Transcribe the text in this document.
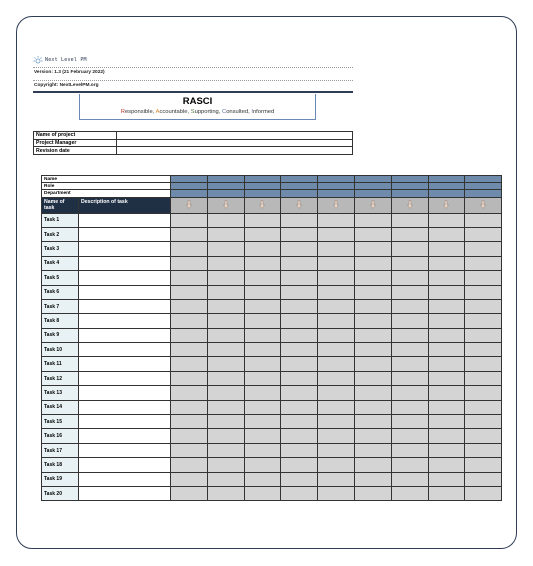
Next Level PM
Version: 1.3 (21 February 2022)
Copyright: NextLevelPM.org
RASCI
Responsible, Accountable, Supporting, Consulted, Informed
Name of project	
Project Manager	
Revision date	
Name										
Role										
Department										
Name of task	Description of task									
Task 1										
Task 2										
Task 3										
Task 4										
Task 5										
Task 6										
Task 7										
Task 8										
Task 9										
Task 10										
Task 11										
Task 12										
Task 13										
Task 14										
Task 15										
Task 16										
Task 17										
Task 18										
Task 19										
Task 20										
